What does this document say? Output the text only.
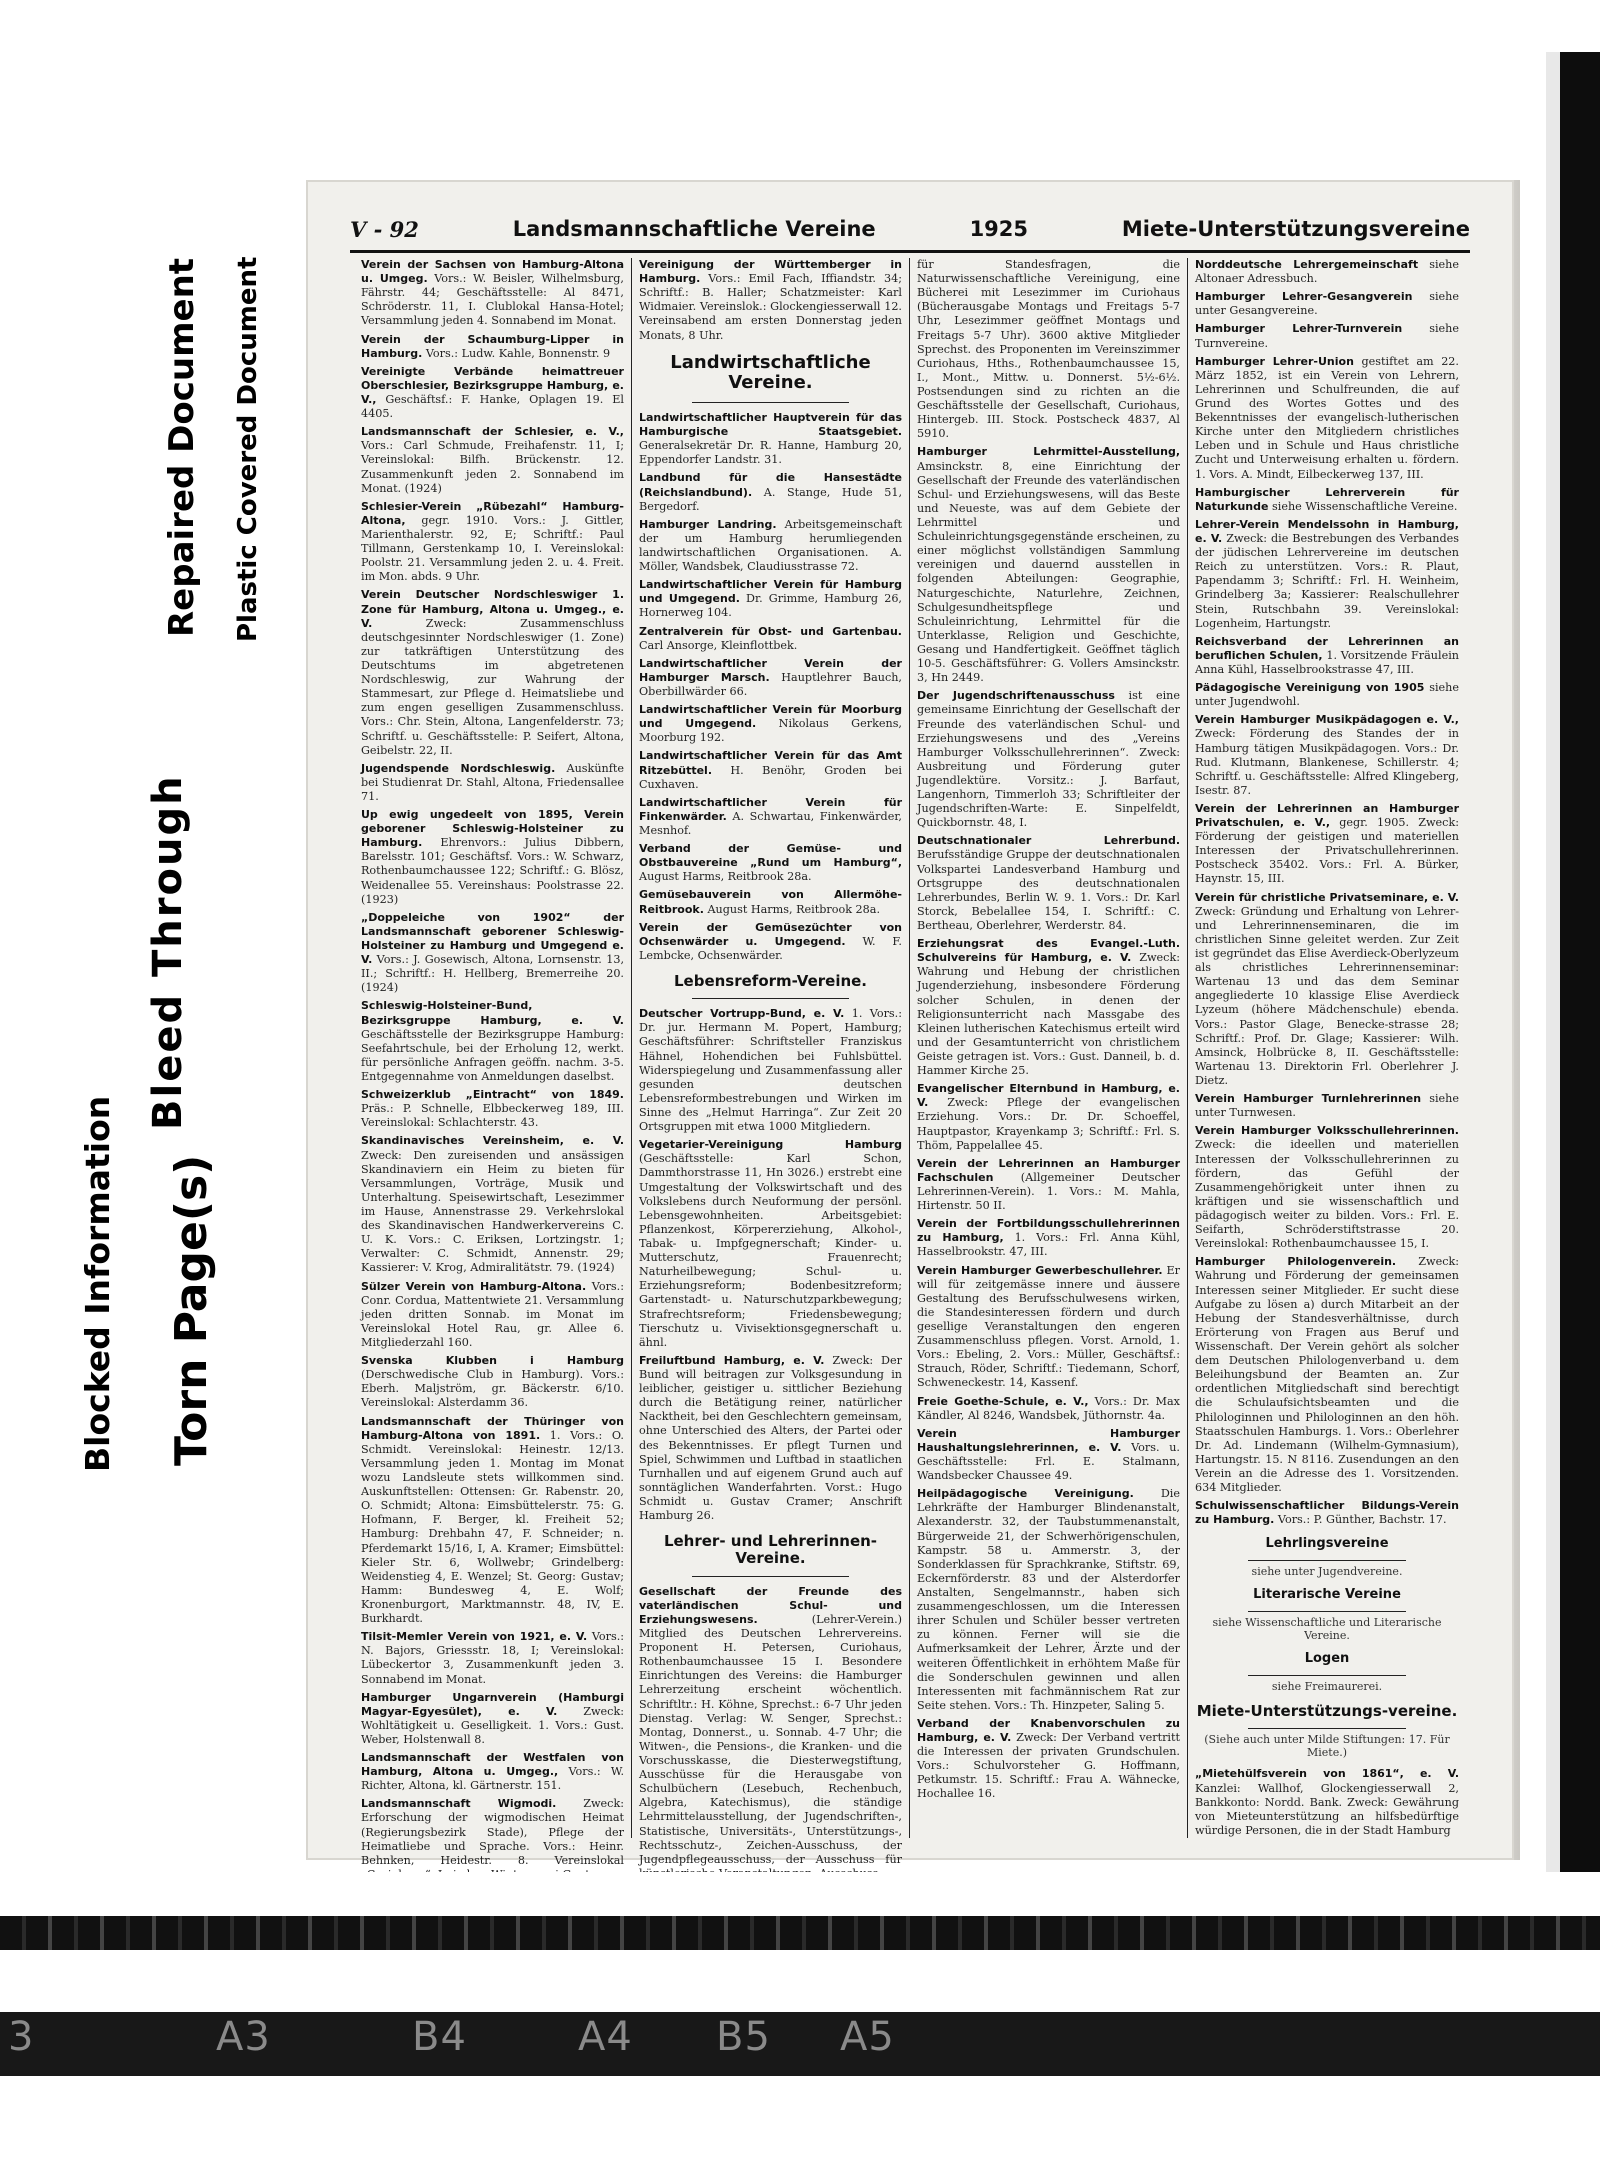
Blocked Information
Bleed Through
Torn Page(s)
Repaired Document Plastic Covered Document
V - 92	Landsmannschaftliche Vereine	1925	Miete-Unterstützungsvereine

Verein der Sachsen von Hamburg-Altona u. Umgeg. Vors.: W. Beisler, Wilhelmsburg, Fährstr. 44; Geschäftsstelle: Al 8471, Schröderstr. 11, I. Clublokal Hansa-Hotel; Versammlung jeden 4. Sonnabend im Monat.

Verein der Schaumburg-Lipper in Hamburg. Vors.: Ludw. Kahle, Bonnenstr. 9

Vereinigte Verbände heimattreuer Oberschlesier, Bezirksgruppe Hamburg, e. V., Geschäftsf.: F. Hanke, Oplagen 19. El 4405.

Landsmannschaft der Schlesier, e. V., Vors.: Carl Schmude, Freihafenstr. 11, I; Vereinslokal: Bilfh. Brückenstr. 12. Zusammenkunft jeden 2. Sonnabend im Monat. (1924)

Schlesier-Verein „Rübezahl“ Hamburg-Altona, gegr. 1910. Vors.: J. Gittler, Marienthalerstr. 92, E; Schriftf.: Paul Tillmann, Gerstenkamp 10, I. Vereinslokal: Poolstr. 21. Versammlung jeden 2. u. 4. Freit. im Mon. abds. 9 Uhr.

Verein Deutscher Nordschleswiger 1. Zone für Hamburg, Altona u. Umgeg., e. V.	Zweck: Zusammenschluss deutschgesinnter Nordschleswiger (1. Zone) zur tatkräftigen Unterstützung des Deutschtums im abgetretenen Nordschleswig, zur Wahrung der Stammesart, zur Pflege d. Heimatsliebe und zum engen geselligen Zusammenschluss. Vors.: Chr. Stein, Altona, Langenfelderstr. 73; Schriftf. u. Geschäftsstelle: P. Seifert, Altona, Geibelstr. 22, II.

Jugendspende Nordschleswig. Auskünfte bei Studienrat Dr. Stahl, Altona, Friedensallee 71.

Up ewig ungedeelt von 1895, Verein geborener Schleswig-Holsteiner zu Hamburg. Ehrenvors.: Julius Dibbern, Barelsstr. 101; Geschäftsf. Vors.: W. Schwarz, Rothenbaumchaussee 122; Schriftf.: G. Blösz, Weidenallee 55. Vereinshaus: Poolstrasse 22. (1923)

„Doppeleiche von 1902“ der Landsmannschaft geborener Schleswig-Holsteiner zu Hamburg und Umgegend e. V. Vors.: J. Gosewisch, Altona, Lornsenstr. 13, II.; Schriftf.: H. Hellberg, Bremerreihe 20. (1924)

Schleswig-Holsteiner-Bund, Bezirksgruppe Hamburg, e. V. Geschäftsstelle der Bezirksgruppe Hamburg: Seefahrtschule, bei der Erholung 12, werkt. für persönliche Anfragen geöffn. nachm. 3-5. Entgegennahme von Anmeldungen daselbst.

Schweizerklub „Eintracht“ von 1849. Präs.: P. Schnelle, Elbbeckerweg 189, III. Vereinslokal: Schlachterstr. 43.

Skandinavisches Vereinsheim, e. V. Zweck: Den zureisenden und ansässigen Skandinaviern ein Heim zu bieten für Versammlungen, Vorträge, Musik und Unterhaltung. Speisewirtschaft, Lesezimmer im Hause, Annenstrasse 29. Verkehrslokal des Skandinavischen Handwerkervereins C. U. K. Vors.: C. Eriksen, Lortzingstr. 1; Verwalter: C. Schmidt, Annenstr. 29; Kassierer: V. Krog, Admiralitätstr. 79. (1924)

Sülzer Verein von Hamburg-Altona. Vors.: Conr. Cordua, Mattentwiete 21. Versammlung jeden dritten Sonnab. im Monat im Vereinslokal Hotel Rau, gr. Allee 6. Mitgliederzahl 160.

Svenska Klubben i Hamburg (Derschwedische Club in Hamburg). Vors.: Eberh. Maljström, gr. Bäckerstr. 6/10. Vereinslokal: Alsterdamm 36.

Landsmannschaft der Thüringer von Hamburg-Altona von 1891. 1. Vors.: O. Schmidt. Vereinslokal: Heinestr. 12/13. Versammlung jeden 1. Montag im Monat wozu Landsleute stets willkommen sind. Auskunftstellen: Ottensen: Gr. Rabenstr. 20, O. Schmidt; Altona: Eimsbüttelerstr. 75: G. Hofmann, F. Berger, kl. Freiheit 52; Hamburg: Drehbahn 47, F. Schneider; n. Pferdemarkt 15/16, I, A. Kramer; Eimsbüttel: Kieler Str. 6, Wollwebr; Grindelberg: Weidenstieg 4, E. Wenzel; St. Georg: Gustav; Hamm: Bundesweg 4, E. Wolf; Kronenburgort, Marktmannstr. 48, IV, E. Burkhardt.

Tilsit-Memler Verein von 1921, e. V. Vors.: N. Bajors, Griessstr. 18, I; Vereinslokal: Lübeckertor 3, Zusammenkunft jeden 3. Sonnabend im Monat.

Hamburger Ungarnverein (Hamburgi Magyar-Egyesület), e. V. Zweck: Wohltätigkeit u. Geselligkeit. 1. Vors.: Gust. Weber, Holstenwall 8.

Landsmannschaft der Westfalen von Hamburg, Altona u. Umgeg., Vors.: W. Richter, Altona, kl. Gärtnerstr. 151.

Landsmannschaft Wigmodi. Zweck: Erforschung der wigmodischen Heimat (Regierungsbezirk Stade), Pflege der Heimatliebe und Sprache. Vors.: Heinr. Behnken, Heidestr. 8. Vereinslokal

Vereinigung der Württemberger in Hamburg. Vors.: Emil Fach, Iffiandstr. 34; Schriftf.: B. Haller; Schatzmeister: Karl Widmaier. Vereinslok.: Glockengiesserwall 12. Vereinsabend am ersten Donnerstag jeden Monats, 8 Uhr.

Landwirtschaftliche Vereine.

Landwirtschaftlicher Hauptverein für das Hamburgische Staatsgebiet. Generalsekretär Dr. R. Hanne, Hamburg 20, Eppendorfer Landstr. 31.

Landbund für die Hansestädte (Reichslandbund). A. Stange, Hude 51, Bergedorf.

Hamburger Landring. Arbeitsgemeinschaft der um Hamburg herumliegenden landwirtschaftlichen Organisationen. A. Möller, Wandsbek, Claudiusstrasse 72.

Landwirtschaftlicher Verein für Hamburg und Umgegend. Dr. Grimme, Hamburg 26, Hornerweg 104.

Zentralverein für Obst- und Gartenbau. Carl Ansorge, Kleinflottbek.

Landwirtschaftlicher Verein der Hamburger Marsch. Hauptlehrer Bauch, Oberbillwärder 66.

Landwirtschaftlicher Verein für Moorburg und Umgegend. Nikolaus Gerkens, Moorburg 192.

Landwirtschaftlicher Verein für das Amt Ritzebüttel. H. Benöhr, Groden bei Cuxhaven.

Landwirtschaftlicher Verein für Finkenwärder. A. Schwartau, Finkenwärder, Mesnhof.

Verband der Gemüse- und Obstbauvereine „Rund um Hamburg“, August Harms, Reitbrook 28a.

Gemüsebauverein von Allermöhe-Reitbrook. August Harms, Reitbrook 28a.

Verein der Gemüsezüchter von Ochsenwärder u. Umgegend. W. F. Lembcke, Ochsenwärder.

Lebensreform-Vereine.

Deutscher Vortrupp-Bund, e. V. 1. Vors.: Dr. jur. Hermann M. Popert, Hamburg; Geschäftsführer: Schriftsteller Franziskus Hähnel, Hohendichen bei Fuhlsbüttel. Widerspiegelung und Zusammenfassung aller gesunden deutschen Lebensreformbestrebungen und Wirken im Sinne des „Helmut Harringa“. Zur Zeit 20 Ortsgruppen mit etwa 1000 Mitgliedern.

Vegetarier-Vereinigung Hamburg (Geschäftsstelle: Karl Schon, Dammthorstrasse 11, Hn 3026.) erstrebt eine Umgestaltung der Volkswirtschaft und des Volkslebens durch Neuformung der persönl. Lebensgewohnheiten. Arbeitsgebiet: Pflanzenkost, Körpererziehung, Alkohol-, Tabak- u. Impfgegnerschaft; Kinder- u. Mutterschutz, Frauenrecht; Naturheilbewegung; Schul- u. Erziehungsreform; Bodenbesitzreform; Gartenstadt- u. Naturschutzparkbewegung; Strafrechtsreform; Friedensbewegung; Tierschutz u. Vivisektionsgegnerschaft u. ähnl.

Freiluftbund Hamburg, e. V. Zweck: Der Bund will beitragen zur Volksgesundung in leiblicher, geistiger u. sittlicher Beziehung durch die Betätigung reiner, natürlicher Nacktheit, bei den Geschlechtern gemeinsam, ohne Unterschied des Alters, der Partei oder des Bekenntnisses. Er pflegt Turnen und Spiel, Schwimmen und Luftbad in staatlichen Turnhallen und auf eigenem Grund auch auf sonntäglichen Wanderfahrten. Vorst.: Hugo Schmidt u. Gustav Cramer; Anschrift Hamburg 26.

Lehrer- und Lehrerinnen-Vereine.

Gesellschaft der Freunde des vaterländischen Schul- und Erziehungswesens.	(Lehrer-Verein.) Mitglied des Deutschen Lehrervereins. Proponent H. Petersen, Curiohaus, Rothenbaumchaussee 15 I. Besondere Einrichtungen des Vereins: die Hamburger Lehrerzeitung erscheint wöchentlich. Schriftltr.: H. Köhne, Sprechst.: 6-7 Uhr jeden Dienstag. Verlag: W. Senger, Sprechst.: Montag, Donnerst., u. Sonnab. 4-7 Uhr; die Witwen-, die Pensions-, die Kranken- und die Vorschusskasse, die Diesterwegstiftung, Ausschüsse für die Herausgabe von Schulbüchern (Lesebuch, Rechenbuch, Algebra, Katechismus), die ständige Lehrmittelausstellung, der Jugendschriften-, Statistische, Universitäts-, Unterstützungs-, Rechtsschutz-, Zeichen-Ausschuss, der Jugendpflegeausschuss, der Ausschuss für

für Standesfragen, die Naturwissenschaftliche Vereinigung, eine Bücherei mit Lesezimmer im Curiohaus (Bücherausgabe Montags und Freitags 5-7 Uhr, Lesezimmer geöffnet Montags und Freitags 5-7 Uhr). 3600 aktive Mitglieder Sprechst. des Proponenten im Vereinszimmer Curiohaus, Hths., Rothenbaumchaussee 15, I., Mont., Mittw. u. Donnerst. 5½-6½. Postsendungen sind zu richten an die Geschäftsstelle der Gesellschaft, Curiohaus, Hintergeb. III. Stock. Postscheck 4837, Al 5910.

Hamburger Lehrmittel-Ausstellung, Amsinckstr. 8, eine Einrichtung der Gesellschaft der Freunde des vaterländischen Schul- und Erziehungswesens, will das Beste und Neueste, was auf dem Gebiete der Lehrmittel und Schuleinrichtungsgegenstände erscheinen, zu einer möglichst vollständigen Sammlung vereinigen und dauernd ausstellen in folgenden Abteilungen: Geographie, Naturgeschichte, Naturlehre, Zeichnen, Schulgesundheitspflege und Schuleinrichtung, Lehrmittel für die Unterklasse, Religion und Geschichte, Gesang und Handfertigkeit. Geöffnet täglich 10-5. Geschäftsführer: G. Vollers Amsinckstr. 3, Hn 2449.

Der Jugendschriftenausschuss ist eine gemeinsame Einrichtung der Gesellschaft der Freunde des vaterländischen Schul- und Erziehungswesens und des „Vereins Hamburger Volksschullehrerinnen“. Zweck: Ausbreitung und Förderung guter Jugendlektüre. Vorsitz.: J. Barfaut, Langenhorn, Timmerloh 33; Schriftleiter der Jugendschriften-Warte: E. Sinpelfeldt, Quickbornstr. 48, I.

Deutschnationaler Lehrerbund. Berufsständige Gruppe der deutschnationalen Volkspartei Landesverband Hamburg und Ortsgruppe des deutschnationalen Lehrerbundes, Berlin W. 9. 1. Vors.: Dr. Karl Storck, Bebelallee 154, I. Schriftf.: C. Bertheau, Oberlehrer, Werderstr. 84.

Erziehungsrat des Evangel.-Luth. Schulvereins für Hamburg, e. V. Zweck: Wahrung und Hebung der christlichen Jugenderziehung, insbesondere Förderung solcher Schulen, in denen der Religionsunterricht nach Massgabe des Kleinen lutherischen Katechismus erteilt wird und der Gesamtunterricht von christlichem Geiste getragen ist. Vors.: Gust. Danneil, b. d. Hammer Kirche 25.

Evangelischer Elternbund in Hamburg, e. V. Zweck: Pflege der evangelischen Erziehung. Vors.: Dr. Dr. Schoeffel, Hauptpastor, Krayenkamp 3; Schriftf.: Frl. S. Thöm, Pappelallee 45.

Verein der Lehrerinnen an Hamburger Fachschulen (Allgemeiner Deutscher Lehrerinnen-Verein). 1. Vors.: M. Mahla, Hirtenstr. 50 II.

Verein der Fortbildungsschullehrerinnen zu Hamburg, 1. Vors.: Frl. Anna Kühl, Hasselbrookstr. 47, III.

Verein Hamburger Gewerbeschullehrer. Er will für zeitgemässe innere und äussere Gestaltung des Berufsschulwesens wirken, die Standesinteressen fördern und durch gesellige Veranstaltungen den engeren Zusammenschluss pflegen. Vorst. Arnold, 1. Vors.: Ebeling, 2. Vors.: Müller, Geschäftsf.: Strauch, Röder, Schriftf.: Tiedemann, Schorf, Schweneckestr. 14, Kassenf.

Freie Goethe-Schule, e. V., Vors.: Dr. Max Kändler, Al 8246, Wandsbek, Jüthornstr. 4a.

Verein Hamburger Haushaltungslehrerinnen, e. V. Vors. u. Geschäftsstelle: Frl. E. Stalmann, Wandsbecker Chaussee 49.

Heilpädagogische Vereinigung. Die Lehrkräfte der Hamburger Blindenanstalt, Alexanderstr. 32, der Taubstummenanstalt, Bürgerweide 21, der Schwerhörigenschulen, Kampstr. 58 u. Ammerstr. 3, der Sonderklassen für Sprachkranke, Stiftstr. 69, Eckernförderstr. 83 und der Alsterdorfer Anstalten, Sengelmannstr., haben sich zusammengeschlossen, um die Interessen ihrer Schulen und Schüler besser vertreten zu können. Ferner will sie die Aufmerksamkeit der Lehrer, Ärzte und der weiteren Öffentlichkeit in erhöhtem Maße für die Sonderschulen gewinnen und allen Interessenten mit fachmännischem Rat zur Seite stehen. Vors.: Th. Hinzpeter, Saling 5.

Verband der Knabenvorschulen zu Hamburg, e. V. Zweck: Der Verband vertritt die Interessen der privaten Grundschulen. Vors.: Schulvorsteher G. Hoffmann, Petkumstr. 15. Schriftf.: Frau A. Wähnecke, Hochallee 16.

Norddeutsche Lehrergemeinschaft siehe Altonaer Adressbuch.

Hamburger Lehrer-Gesangverein siehe unter Gesangvereine.

Hamburger Lehrer-Turnverein siehe Turnvereine.

Hamburger Lehrer-Union gestiftet am 22. März 1852, ist ein Verein von Lehrern, Lehrerinnen und Schulfreunden, die auf Grund des Wortes Gottes und des Bekenntnisses der evangelisch-lutherischen Kirche unter den Mitgliedern christliches Leben und in Schule und Haus christliche Zucht und Unterweisung erhalten u. fördern. 1. Vors. A. Mindt, Eilbeckerweg 137, III.

Hamburgischer Lehrerverein für Naturkunde siehe Wissenschaftliche Vereine.

Lehrer-Verein Mendelssohn in Hamburg, e. V. Zweck: die Bestrebungen des Verbandes der jüdischen Lehrervereine im deutschen Reich zu unterstützen. Vors.: R. Plaut, Papendamm 3; Schriftf.: Frl. H. Weinheim, Grindelberg 3a; Kassierer: Realschullehrer Stein, Rutschbahn 39. Vereinslokal: Logenheim, Hartungstr.

Reichsverband der Lehrerinnen an beruflichen Schulen, 1. Vorsitzende Fräulein Anna Kühl, Hasselbrookstrasse 47, III.

Pädagogische Vereinigung von 1905 siehe unter Jugendwohl.

Verein Hamburger Musikpädagogen e. V., Zweck: Förderung des Standes der in Hamburg tätigen Musikpädagogen. Vors.: Dr. Rud. Klutmann, Blankenese, Schillerstr. 4; Schriftf. u. Geschäftsstelle: Alfred Klingeberg, Isestr. 87.

Verein der Lehrerinnen an Hamburger Privatschulen, e. V., gegr. 1905. Zweck: Förderung der geistigen und materiellen Interessen der Privatschullehrerinnen. Postscheck 35402. Vors.: Frl. A. Bürker, Haynstr. 15, III.

Verein für christliche Privatseminare, e. V. Zweck: Gründung und Erhaltung von Lehrer- und Lehrerinnenseminaren, die im christlichen Sinne geleitet werden. Zur Zeit ist gegründet das Elise Averdieck-Oberlyzeum als christliches Lehrerinnenseminar: Wartenau 13 und das dem Seminar angegliederte 10 klassige Elise Averdieck Lyzeum (höhere Mädchenschule) ebenda. Vors.: Pastor Glage, Benecke-strasse 28; Schriftf.: Prof. Dr. Glage; Kassierer: Wilh. Amsinck, Holbrücke 8, II. Geschäftsstelle: Wartenau 13. Direktorin Frl. Oberlehrer J. Dietz.

Verein Hamburger Turnlehrerinnen siehe unter Turnwesen.

Verein Hamburger Volksschullehrerinnen. Zweck: die ideellen und materiellen Interessen der Volksschullehrerinnen zu fördern, das Gefühl der Zusammengehörigkeit unter ihnen zu kräftigen und sie wissenschaftlich und pädagogisch weiter zu bilden. Vors.: Frl. E. Seifarth, Schröderstiftstrasse 20. Vereinslokal: Rothenbaumchaussee 15, I.

Hamburger Philologenverein. Zweck: Wahrung und Förderung der gemeinsamen Interessen seiner Mitglieder. Er sucht diese Aufgabe zu lösen a) durch Mitarbeit an der Hebung der Standesverhältnisse, durch Erörterung von Fragen aus Beruf und Wissenschaft. Der Verein gehört als solcher dem Deutschen Philologenverband u. dem Beleihungsbund der Beamten an. Zur ordentlichen Mitgliedschaft sind berechtigt die Schulaufsichtsbeamten und die Philologinnen und Philologinnen an den höh. Staatsschulen Hamburgs. 1. Vors.: Oberlehrer Dr. Ad. Lindemann (Wilhelm-Gymnasium), Hartungstr. 15. N 8116. Zusendungen an den Verein an die Adresse des 1. Vorsitzenden. 634 Mitglieder.

Schulwissenschaftlicher Bildungs-Verein zu Hamburg. Vors.: P. Günther, Bachstr. 17.

Lehrlingsvereine
siehe unter Jugendvereine.
Literarische Vereine
siehe Wissenschaftliche und Literarische Vereine.
Logen
siehe Freimaurerei.
Miete-Unterstützungs-vereine.
(Siehe auch unter Milde Stiftungen: 17. Für Miete.)

„Mietehülfsverein von 1861“, e. V. Kanzlei: Wallhof, Glockengiesserwall 2, Bankkonto: Nordd. Bank. Zweck: Gewährung von Mieteunterstützung an hilfsbedürftige würdige Personen, die in der Stadt Hamburg

3	A3	B4	A4 B5 A5
